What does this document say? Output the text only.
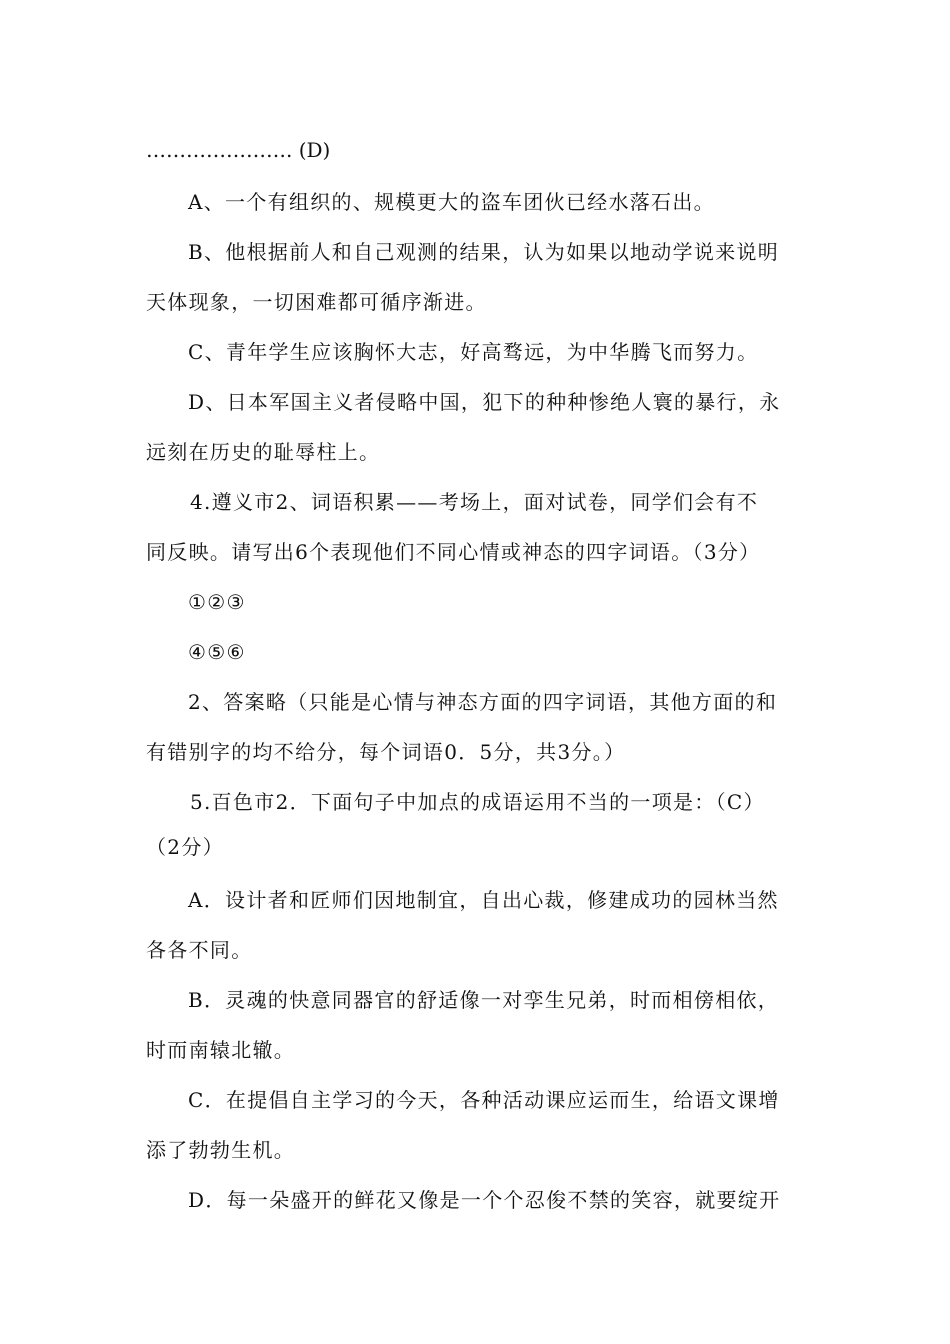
…………………. (D)
A、一个有组织的、规模更大的盗车团伙已经水落石出。
B、他根据前人和自己观测的结果，认为如果以地动学说来说明
天体现象，一切困难都可循序渐进。
C、青年学生应该胸怀大志，好高骛远，为中华腾飞而努力。
D、日本军国主义者侵略中国，犯下的种种惨绝人寰的暴行，永
远刻在历史的耻辱柱上。
4.遵义市2、词语积累——考场上，面对试卷，同学们会有不
同反映。请写出6个表现他们不同心情或神态的四字词语。（3分）
①②③
④⑤⑥
2、答案略（只能是心情与神态方面的四字词语，其他方面的和
有错别字的均不给分，每个词语0．5分，共3分。）
5.百色市2．下面句子中加点的成语运用不当的一项是：（C）
（2分）
A．设计者和匠师们因地制宜，自出心裁，修建成功的园林当然
各各不同。
B．灵魂的快意同器官的舒适像一对孪生兄弟，时而相傍相依，
时而南辕北辙。
C．在提倡自主学习的今天，各种活动课应运而生，给语文课增
添了勃勃生机。
D．每一朵盛开的鲜花又像是一个个忍俊不禁的笑容，就要绽开
